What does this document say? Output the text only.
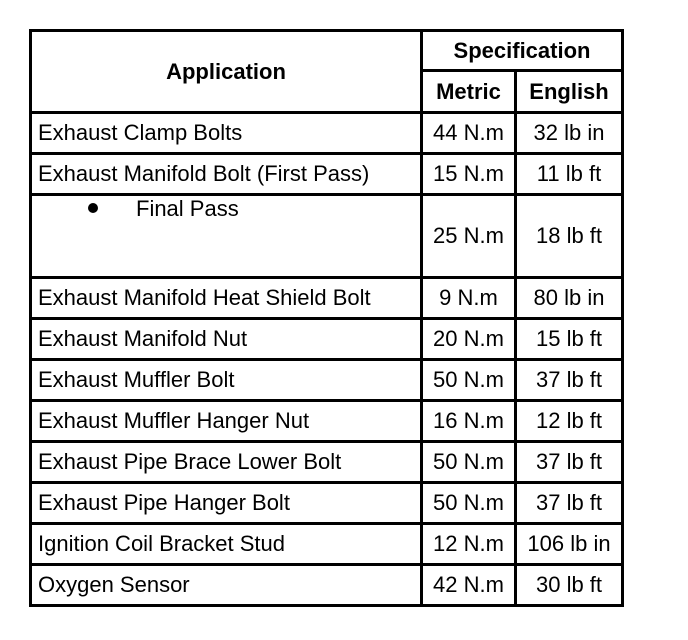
Application	Specification	
	Metric	English
Exhaust Clamp Bolts	44 N.m	32 lb in
Exhaust Manifold Bolt (First Pass)	15 N.m	11 lb ft
Final Pass	25 N.m	18 lb ft
Exhaust Manifold Heat Shield Bolt	9 N.m	80 lb in
Exhaust Manifold Nut	20 N.m	15 lb ft
Exhaust Muffler Bolt	50 N.m	37 lb ft
Exhaust Muffler Hanger Nut	16 N.m	12 lb ft
Exhaust Pipe Brace Lower Bolt	50 N.m	37 lb ft
Exhaust Pipe Hanger Bolt	50 N.m	37 lb ft
Ignition Coil Bracket Stud	12 N.m	106 lb in
Oxygen Sensor	42 N.m	30 lb ft
